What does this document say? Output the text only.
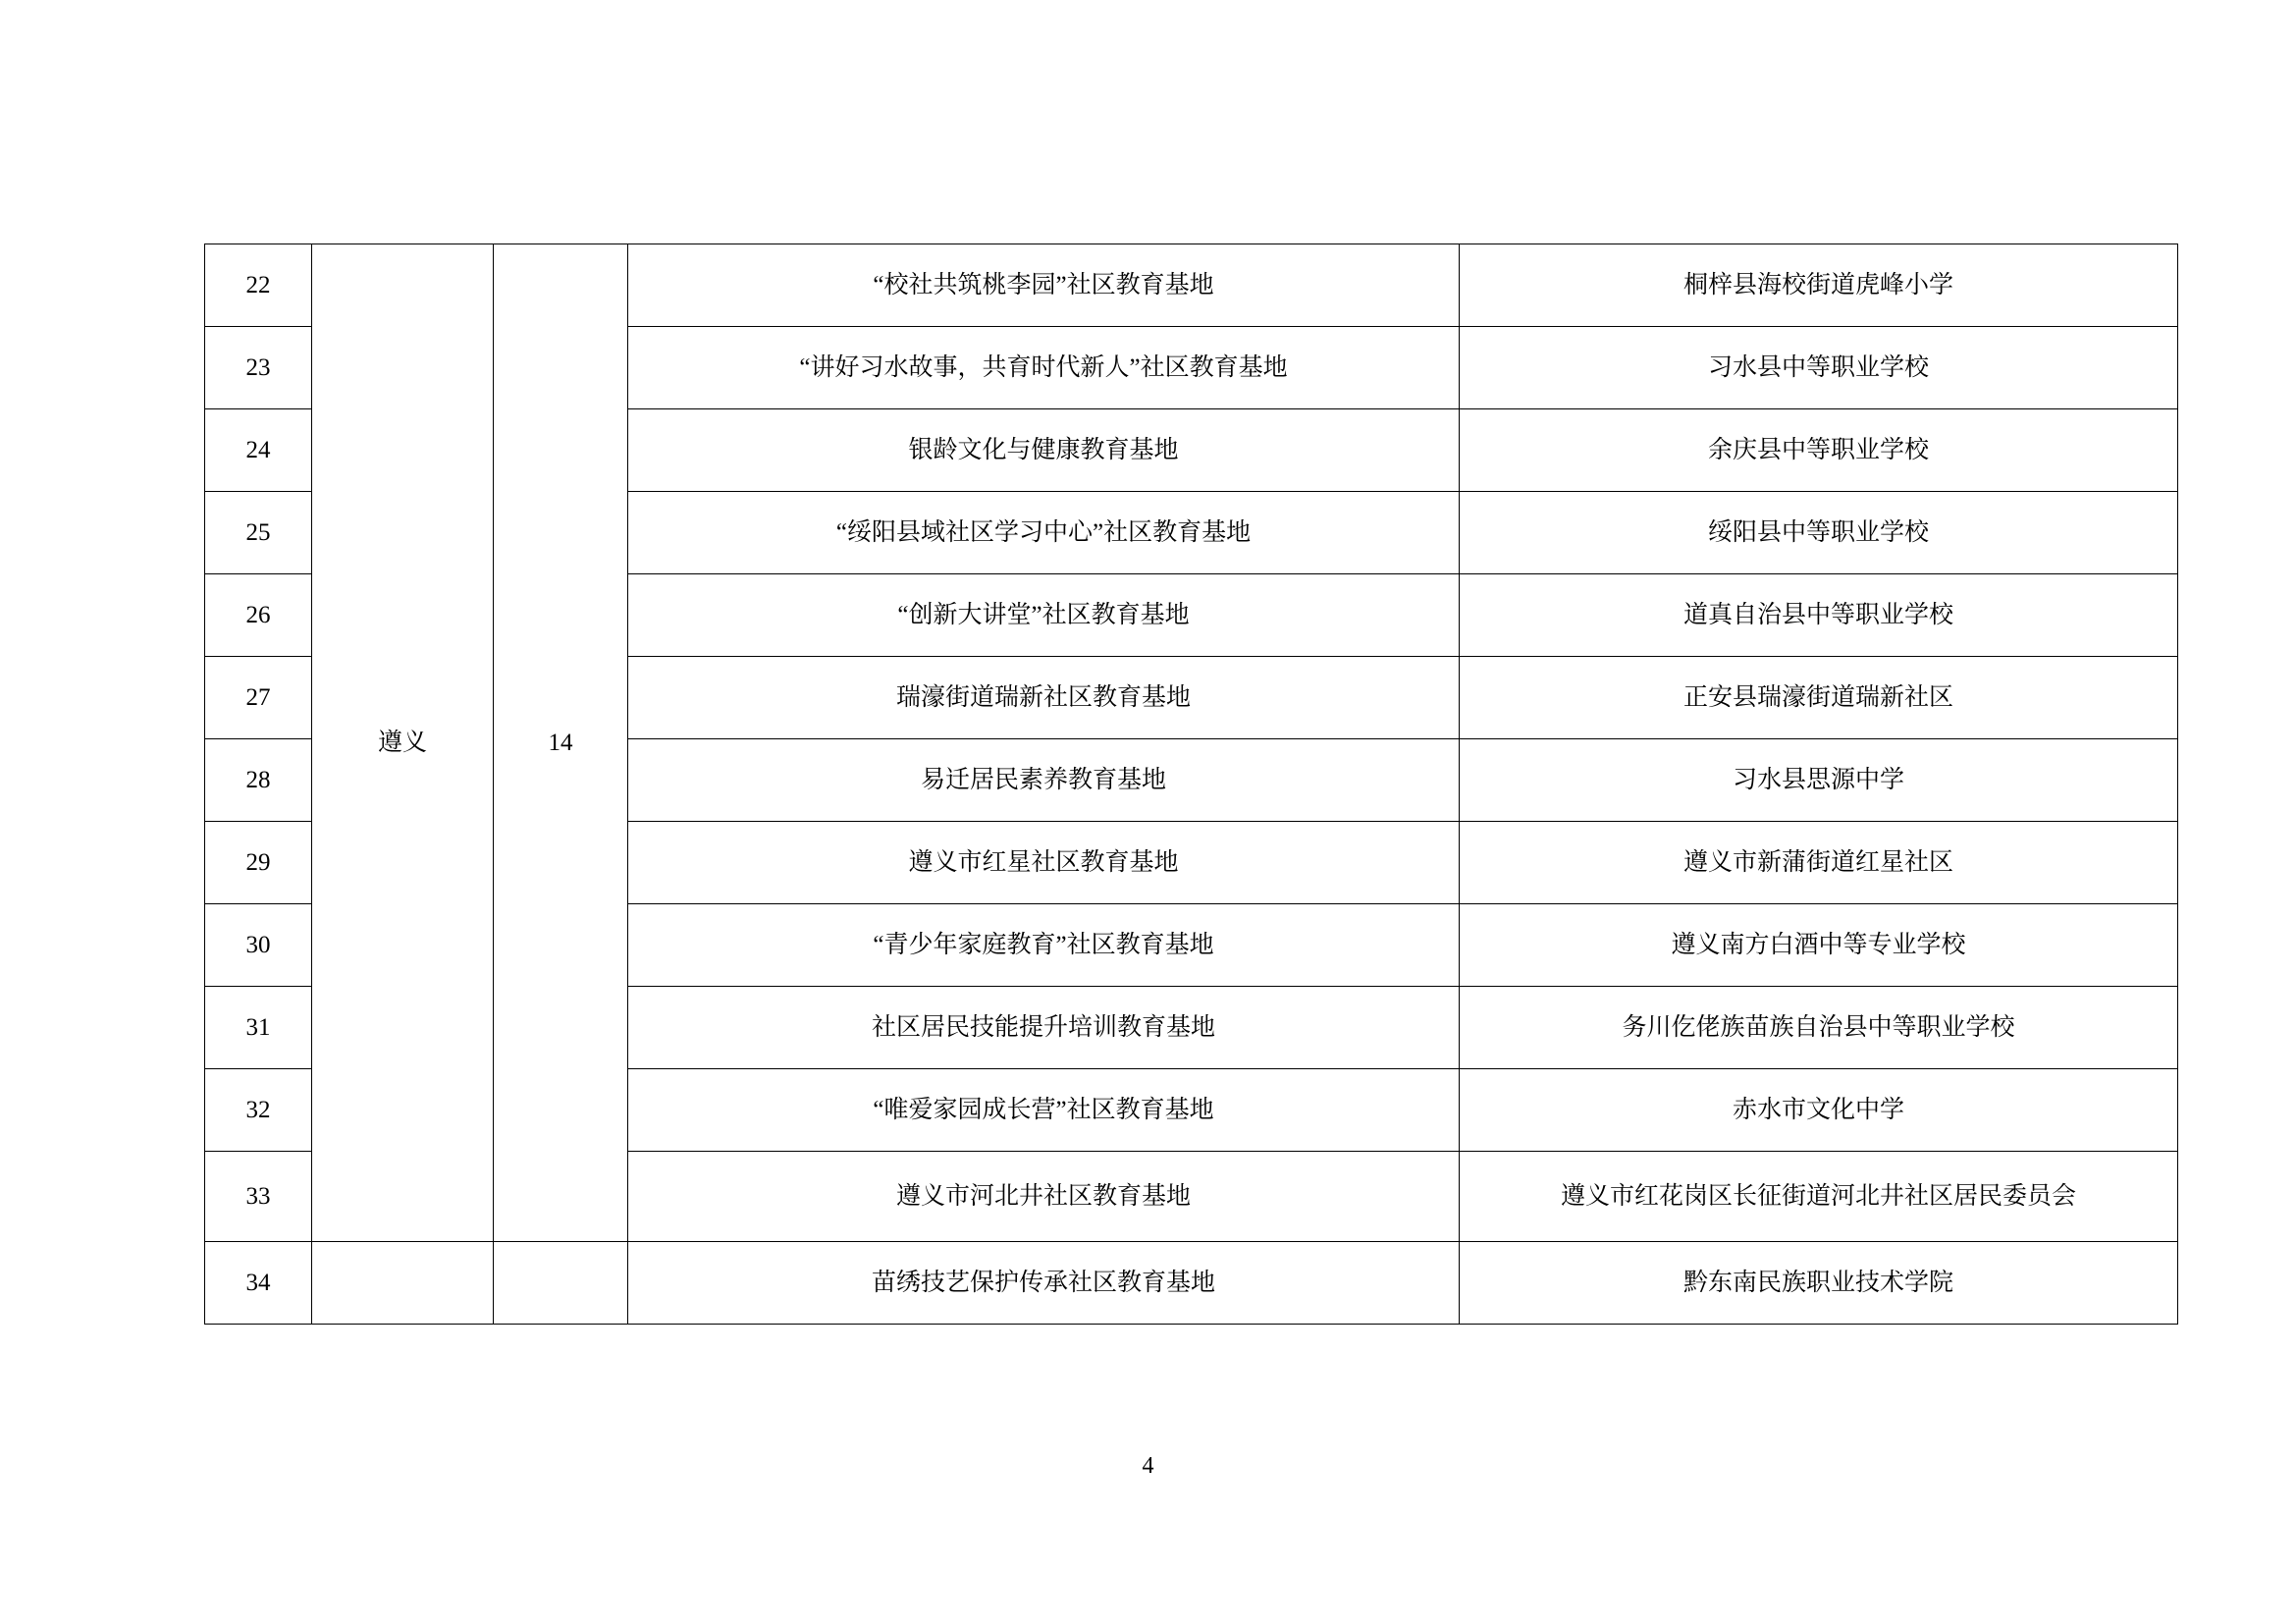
22	遵义	14	“校社共筑桃李园”社区教育基地	桐梓县海校街道虎峰小学
23			“讲好习水故事，共育时代新人”社区教育基地	习水县中等职业学校
24			银龄文化与健康教育基地	余庆县中等职业学校
25			“绥阳县域社区学习中心”社区教育基地	绥阳县中等职业学校
26			“创新大讲堂”社区教育基地	道真自治县中等职业学校
27			瑞濠街道瑞新社区教育基地	正安县瑞濠街道瑞新社区
28			易迁居民素养教育基地	习水县思源中学
29			遵义市红星社区教育基地	遵义市新蒲街道红星社区
30			“青少年家庭教育”社区教育基地	遵义南方白酒中等专业学校
31			社区居民技能提升培训教育基地	务川仡佬族苗族自治县中等职业学校
32			“唯爱家园成长营”社区教育基地	赤水市文化中学
33			遵义市河北井社区教育基地	遵义市红花岗区长征街道河北井社区居民委员会
34			苗绣技艺保护传承社区教育基地	黔东南民族职业技术学院
4
